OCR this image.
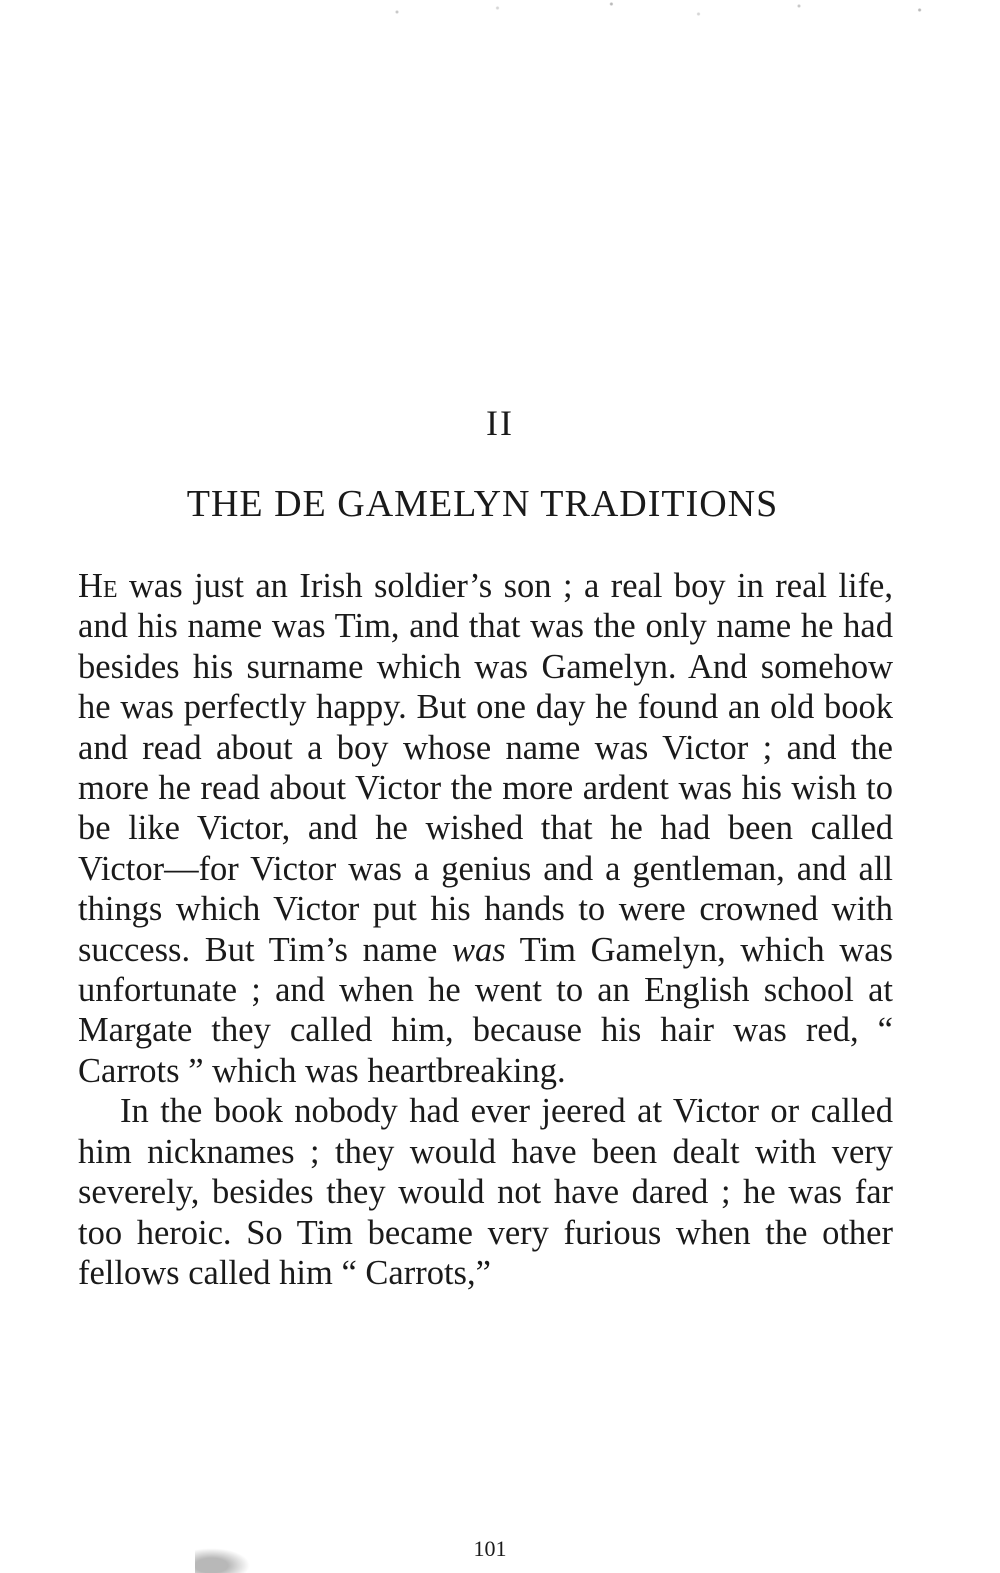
II
THE DE GAMELYN TRADITIONS

He was just an Irish soldier’s son ; a real boy in real life, and his name was Tim, and that was the only name he had besides his surname which was Gamelyn. And somehow he was perfectly happy. But one day he found an old book and read about a boy whose name was Victor ; and the more he read about Victor the more ardent was his wish to be like Victor, and he wished that he had been called Victor—for Victor was a genius and a gentleman, and all things which Victor put his hands to were crowned with success. But Tim’s name was Tim Gamelyn, which was unfortunate ; and when he went to an English school at Margate they called him, because his hair was red, “ Carrots ” which was heartbreaking.

In the book nobody had ever jeered at Victor or called him nicknames ; they would have been dealt with very severely, besides they would not have dared ; he was far too heroic. So Tim became very furious when the other fellows called him “ Carrots,”

101
